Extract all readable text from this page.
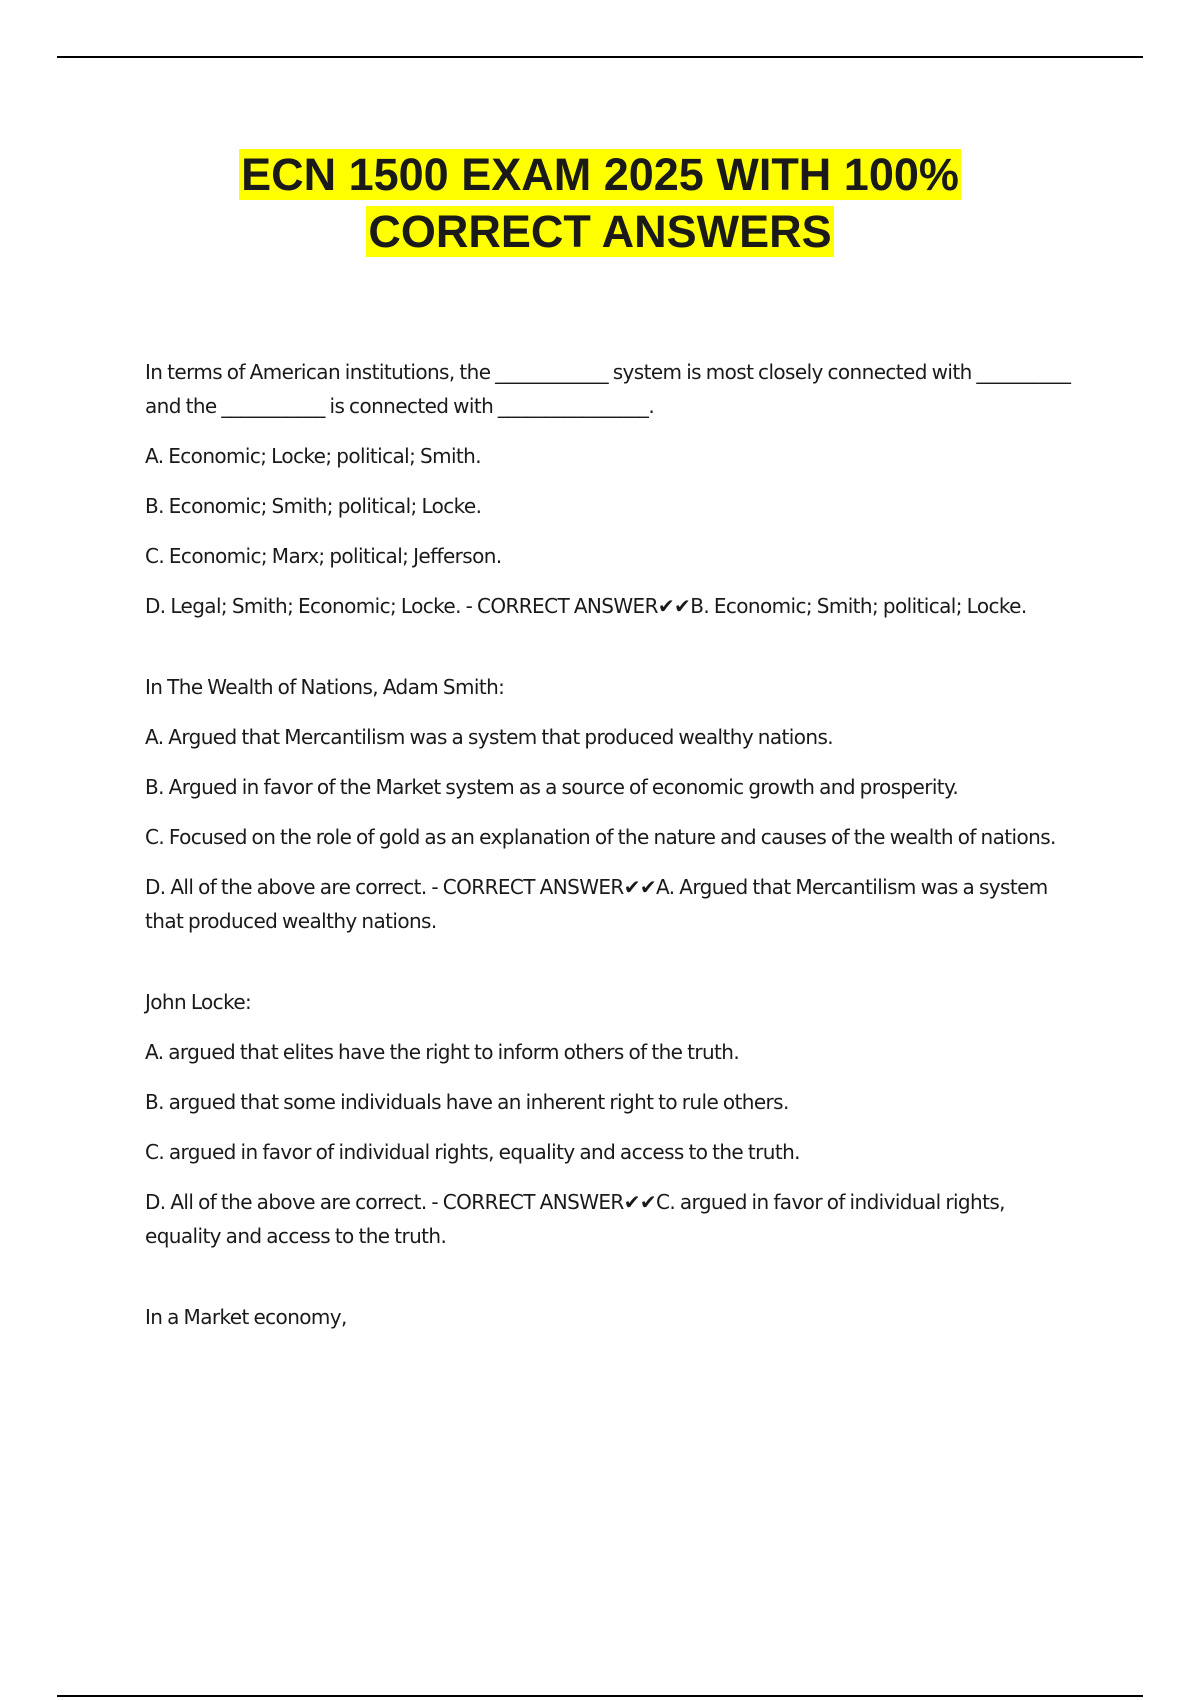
ECN 1500 EXAM 2025 WITH 100%
CORRECT ANSWERS

In terms of American institutions, the ____________ system is most closely connected with __________ and the ___________ is connected with ________________.

A. Economic; Locke; political; Smith.

B. Economic; Smith; political; Locke.

C. Economic; Marx; political; Jefferson.

D. Legal; Smith; Economic; Locke. - CORRECT ANSWER✔✔B. Economic; Smith; political; Locke.

In The Wealth of Nations, Adam Smith:

A. Argued that Mercantilism was a system that produced wealthy nations.

B. Argued in favor of the Market system as a source of economic growth and prosperity.

C. Focused on the role of gold as an explanation of the nature and causes of the wealth of nations.

D. All of the above are correct. - CORRECT ANSWER✔✔A. Argued that Mercantilism was a system that produced wealthy nations.

John Locke:

A. argued that elites have the right to inform others of the truth.

B. argued that some individuals have an inherent right to rule others.

C. argued in favor of individual rights, equality and access to the truth.

D. All of the above are correct. - CORRECT ANSWER✔✔C. argued in favor of individual rights, equality and access to the truth.

In a Market economy,
